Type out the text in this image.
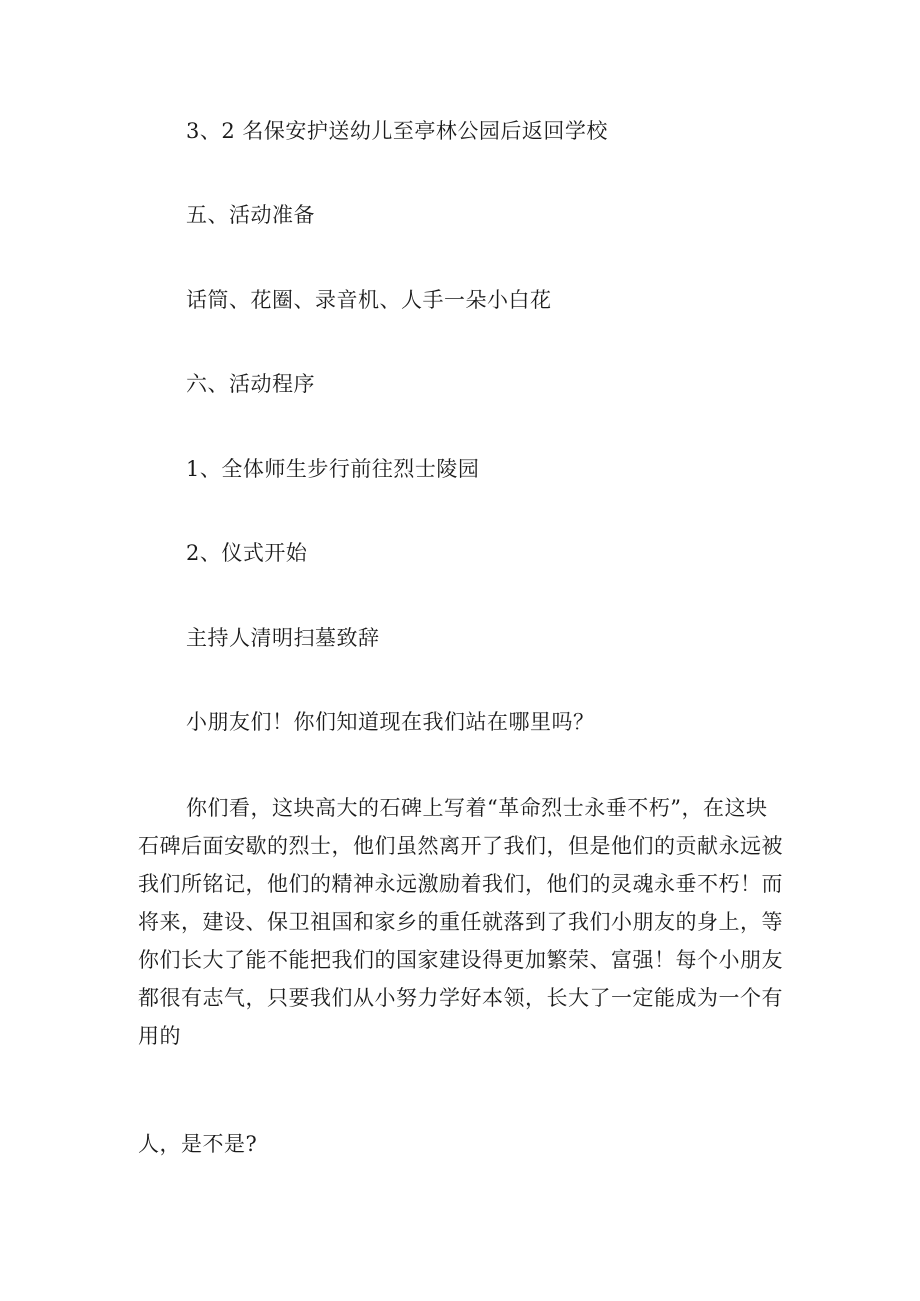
3、2 名保安护送幼儿至亭林公园后返回学校
五、活动准备
话筒、花圈、录音机、人手一朵小白花
六、活动程序
1、全体师生步行前往烈士陵园
2、仪式开始
主持人清明扫墓致辞
小朋友们！你们知道现在我们站在哪里吗？
你们看，这块高大的石碑上写着“革命烈士永垂不朽”，在这块
石碑后面安歇的烈士，他们虽然离开了我们，但是他们的贡献永远被
我们所铭记，他们的精神永远激励着我们，他们的灵魂永垂不朽！而
将来，建设、保卫祖国和家乡的重任就落到了我们小朋友的身上，等
你们长大了能不能把我们的国家建设得更加繁荣、富强！每个小朋友
都很有志气，只要我们从小努力学好本领，长大了一定能成为一个有
用的
人，是不是?
